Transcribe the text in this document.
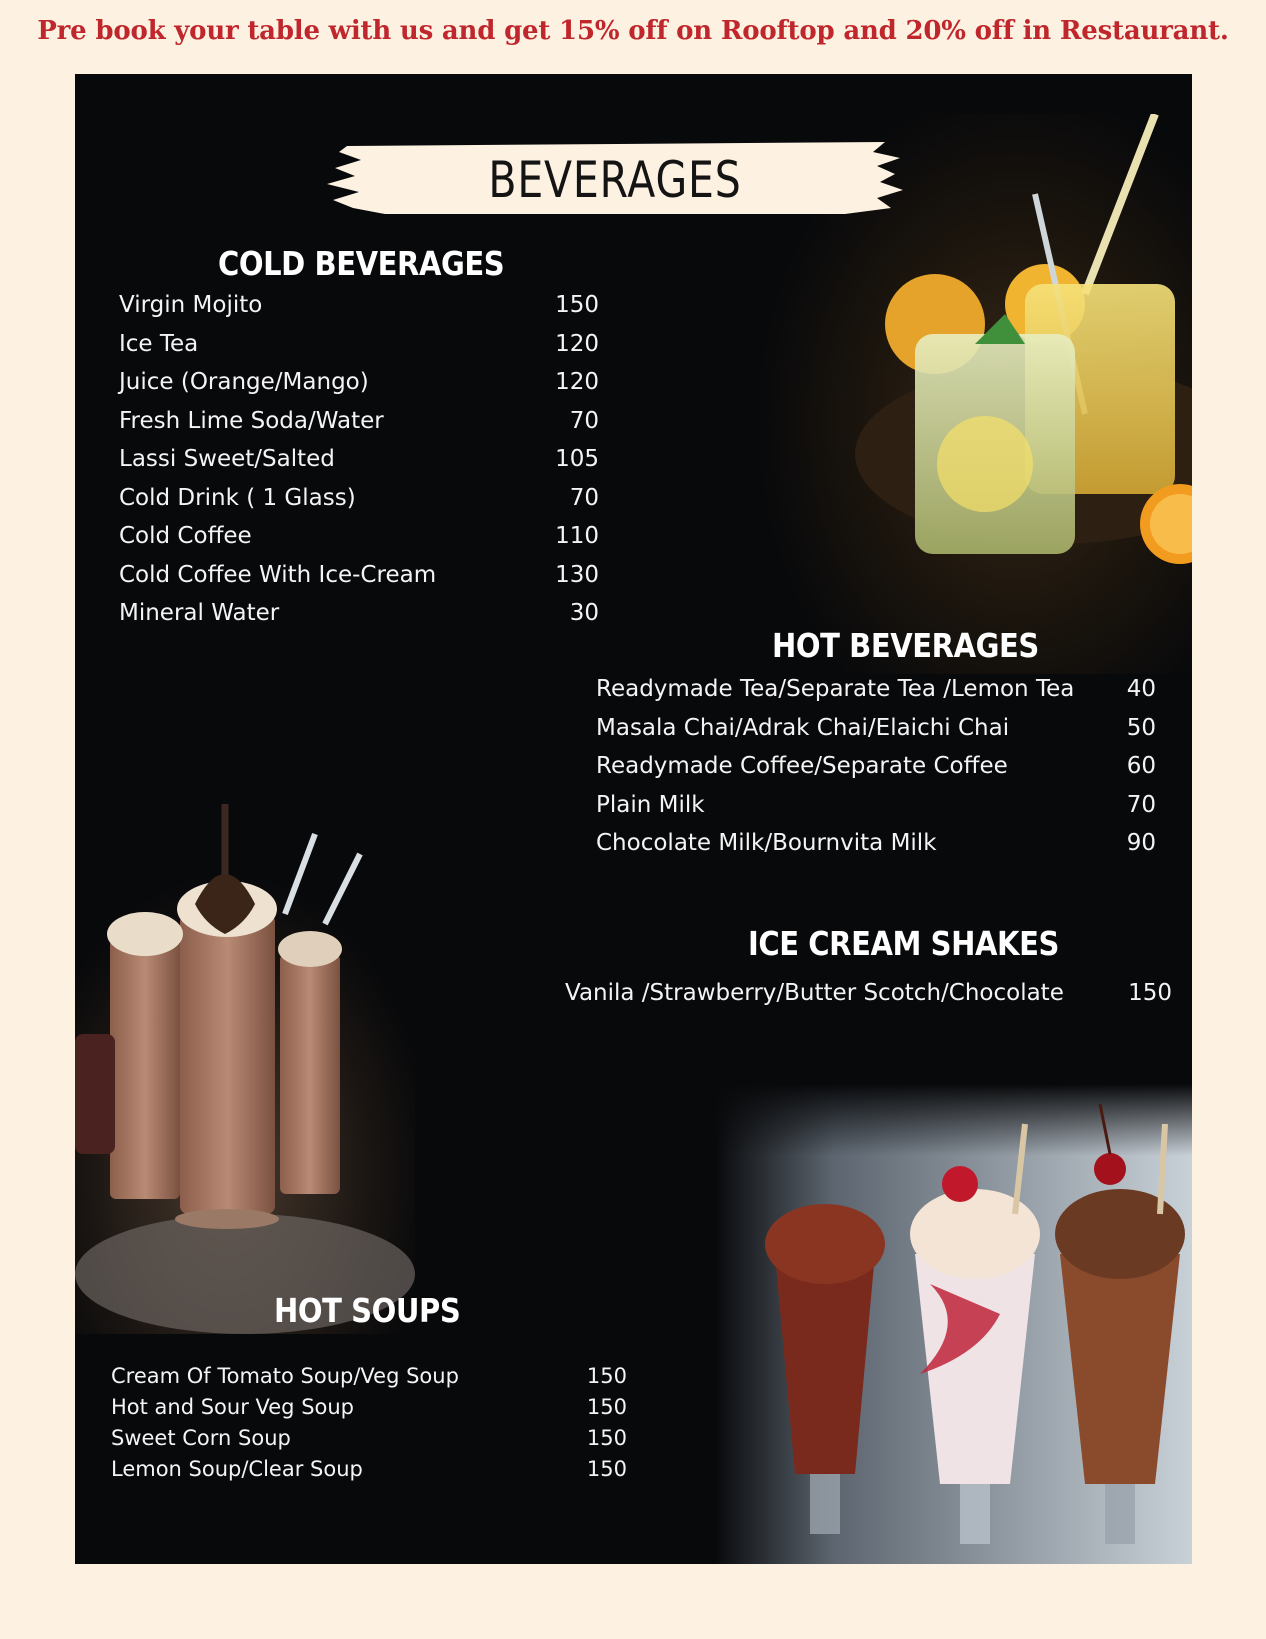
Pre book your table with us and get 15% off on Rooftop and 20% off in Restaurant.
BEVERAGES
COLD BEVERAGES
Virgin Mojito	150
Ice Tea	120
Juice (Orange/Mango)	120
Fresh Lime Soda/Water	70
Lassi Sweet/Salted	105
Cold Drink ( 1 Glass)	70
Cold Coffee	110
Cold Coffee With Ice-Cream	130
Mineral Water	30
HOT BEVERAGES
Readymade Tea/Separate Tea /Lemon Tea 40
Masala Chai/Adrak Chai/Elaichi Chai	50
Readymade Coffee/Separate Coffee	60
Plain Milk	70
Chocolate Milk/Bournvita Milk	90
ICE CREAM SHAKES
Vanila /Strawberry/Butter Scotch/Chocolate	150
HOT SOUPS
Cream Of Tomato Soup/Veg Soup	150
Hot and Sour Veg Soup	150
Sweet Corn Soup	150
Lemon Soup/Clear Soup	150
